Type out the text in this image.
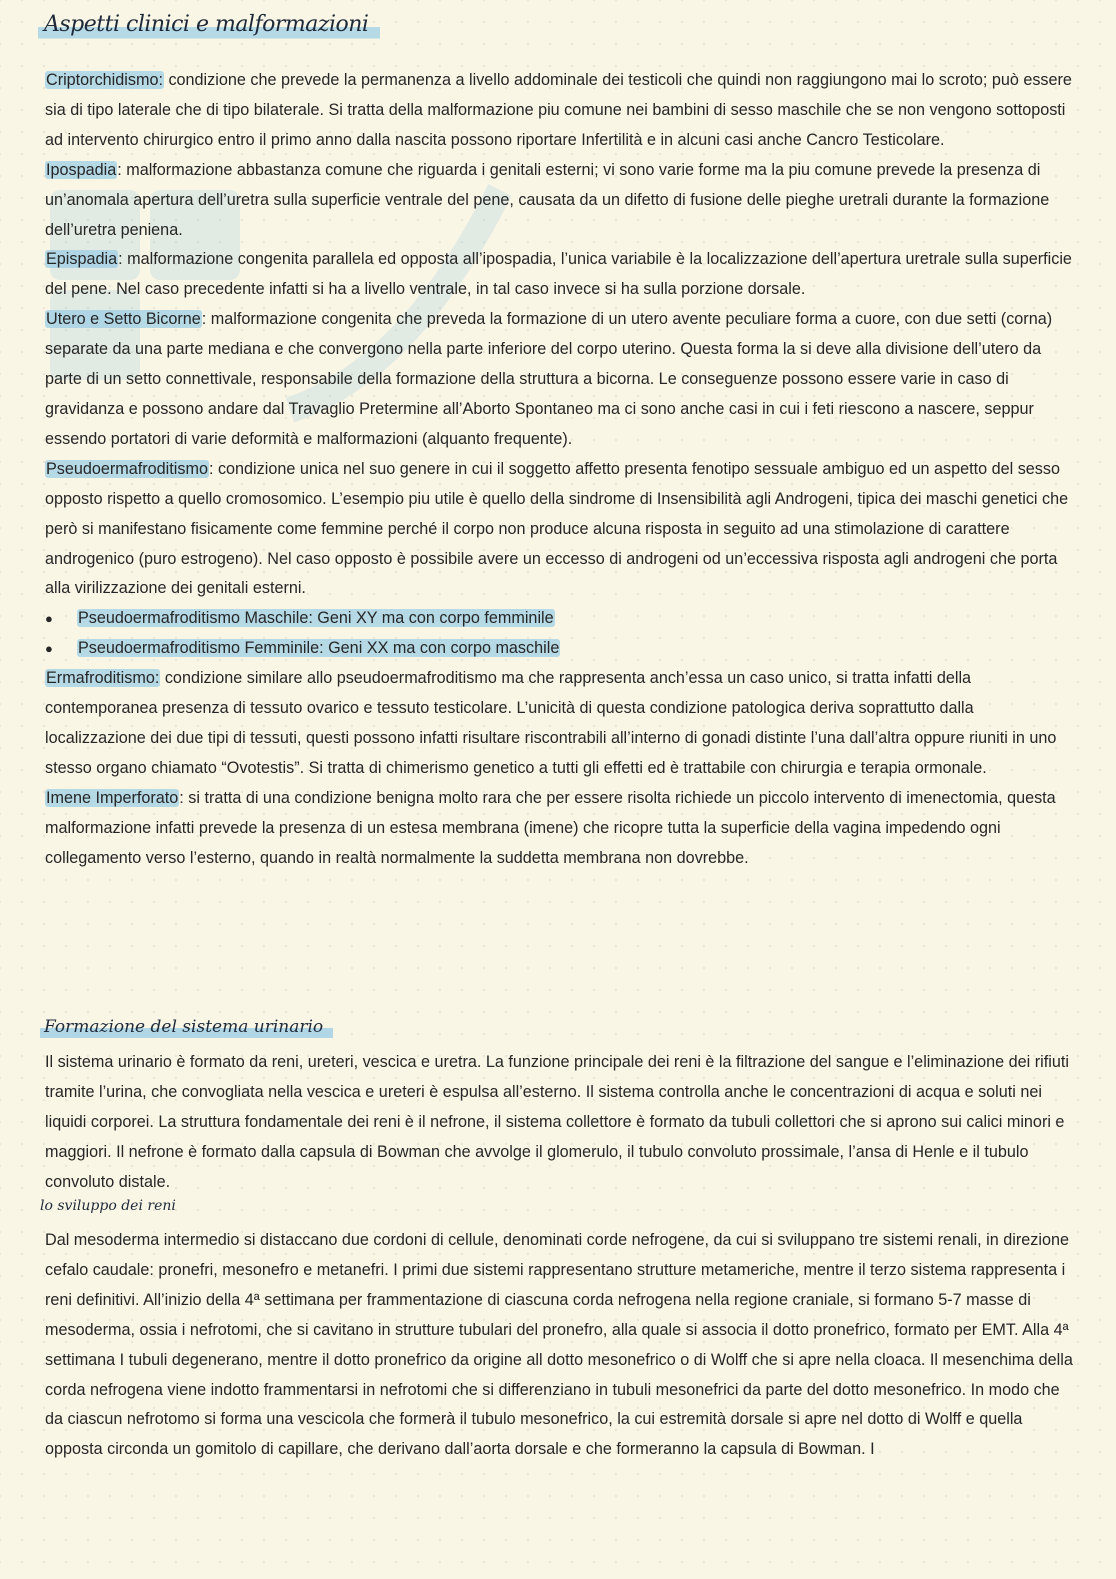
Aspetti clinici e malformazioni

Criptorchidismo: condizione che prevede la permanenza a livello addominale dei testicoli che quindi non raggiungono mai lo scroto; può essere sia di tipo laterale che di tipo bilaterale. Si tratta della malformazione piu comune nei bambini di sesso maschile che se non vengono sottoposti ad intervento chirurgico entro il primo anno dalla nascita possono riportare Infertilità e in alcuni casi anche Cancro Testicolare.

Ipospadia: malformazione abbastanza comune che riguarda i genitali esterni; vi sono varie forme ma la piu comune prevede la presenza di un’anomala apertura dell’uretra sulla superficie ventrale del pene, causata da un difetto di fusione delle pieghe uretrali durante la formazione dell’uretra peniena.

Epispadia: malformazione congenita parallela ed opposta all’ipospadia, l’unica variabile è la localizzazione dell’apertura uretrale sulla superficie del pene. Nel caso precedente infatti si ha a livello ventrale, in tal caso invece si ha sulla porzione dorsale.

Utero e Setto Bicorne: malformazione congenita che preveda la formazione di un utero avente peculiare forma a cuore, con due setti (corna) separate da una parte mediana e che convergono nella parte inferiore del corpo uterino. Questa forma la si deve alla divisione dell’utero da parte di un setto connettivale, responsabile della formazione della struttura a bicorna. Le conseguenze possono essere varie in caso di gravidanza e possono andare dal Travaglio Pretermine all’Aborto Spontaneo ma ci sono anche casi in cui i feti riescono a nascere, seppur essendo portatori di varie deformità e malformazioni (alquanto frequente).

Pseudoermafroditismo: condizione unica nel suo genere in cui il soggetto affetto presenta fenotipo sessuale ambiguo ed un aspetto del sesso opposto rispetto a quello cromosomico. L’esempio piu utile è quello della sindrome di Insensibilità agli Androgeni, tipica dei maschi genetici che però si manifestano fisicamente come femmine perché il corpo non produce alcuna risposta in seguito ad una stimolazione di carattere androgenico (puro estrogeno). Nel caso opposto è possibile avere un eccesso di androgeni od un’eccessiva risposta agli androgeni che porta alla virilizzazione dei genitali esterni.

● Pseudoermafroditismo Maschile: Geni XY ma con corpo femminile
● Pseudoermafroditismo Femminile: Geni XX ma con corpo maschile

Ermafroditismo: condizione similare allo pseudoermafroditismo ma che rappresenta anch’essa un caso unico, si tratta infatti della contemporanea presenza di tessuto ovarico e tessuto testicolare. L’unicità di questa condizione patologica deriva soprattutto dalla localizzazione dei due tipi di tessuti, questi possono infatti risultare riscontrabili all’interno di gonadi distinte l’una dall’altra oppure riuniti in uno stesso organo chiamato “Ovotestis”. Si tratta di chimerismo genetico a tutti gli effetti ed è trattabile con chirurgia e terapia ormonale.

Imene Imperforato: si tratta di una condizione benigna molto rara che per essere risolta richiede un piccolo intervento di imenectomia, questa malformazione infatti prevede la presenza di un estesa membrana (imene) che ricopre tutta la superficie della vagina impedendo ogni collegamento verso l’esterno, quando in realtà normalmente la suddetta membrana non dovrebbe.

Formazione del sistema urinario

Il sistema urinario è formato da reni, ureteri, vescica e uretra. La funzione principale dei reni è la filtrazione del sangue e l’eliminazione dei rifiuti tramite l’urina, che convogliata nella vescica e ureteri è espulsa all’esterno. Il sistema controlla anche le concentrazioni di acqua e soluti nei liquidi corporei. La struttura fondamentale dei reni è il nefrone, il sistema collettore è formato da tubuli collettori che si aprono sui calici minori e maggiori. Il nefrone è formato dalla capsula di Bowman che avvolge il glomerulo, il tubulo convoluto prossimale, l’ansa di Henle e il tubulo convoluto distale.

lo sviluppo dei reni

Dal mesoderma intermedio si distaccano due cordoni di cellule, denominati corde nefrogene, da cui si sviluppano tre sistemi renali, in direzione cefalo caudale: pronefri, mesonefro e metanefri. I primi due sistemi rappresentano strutture metameriche, mentre il terzo sistema rappresenta i reni definitivi. All’inizio della 4ª settimana per frammentazione di ciascuna corda nefrogena nella regione craniale, si formano 5-7 masse di mesoderma, ossia i nefrotomi, che si cavitano in strutture tubulari del pronefro, alla quale si associa il dotto pronefrico, formato per EMT. Alla 4ª settimana I tubuli degenerano, mentre il dotto pronefrico da origine all dotto mesonefrico o di Wolff che si apre nella cloaca. Il mesenchima della corda nefrogena viene indotto frammentarsi in nefrotomi che si differenziano in tubuli mesonefrici da parte del dotto mesonefrico. In modo che da ciascun nefrotomo si forma una vescicola che formerà il tubulo mesonefrico, la cui estremità dorsale si apre nel dotto di Wolff e quella opposta circonda un gomitolo di capillare, che derivano dall’aorta dorsale e che formeranno la capsula di Bowman. I
